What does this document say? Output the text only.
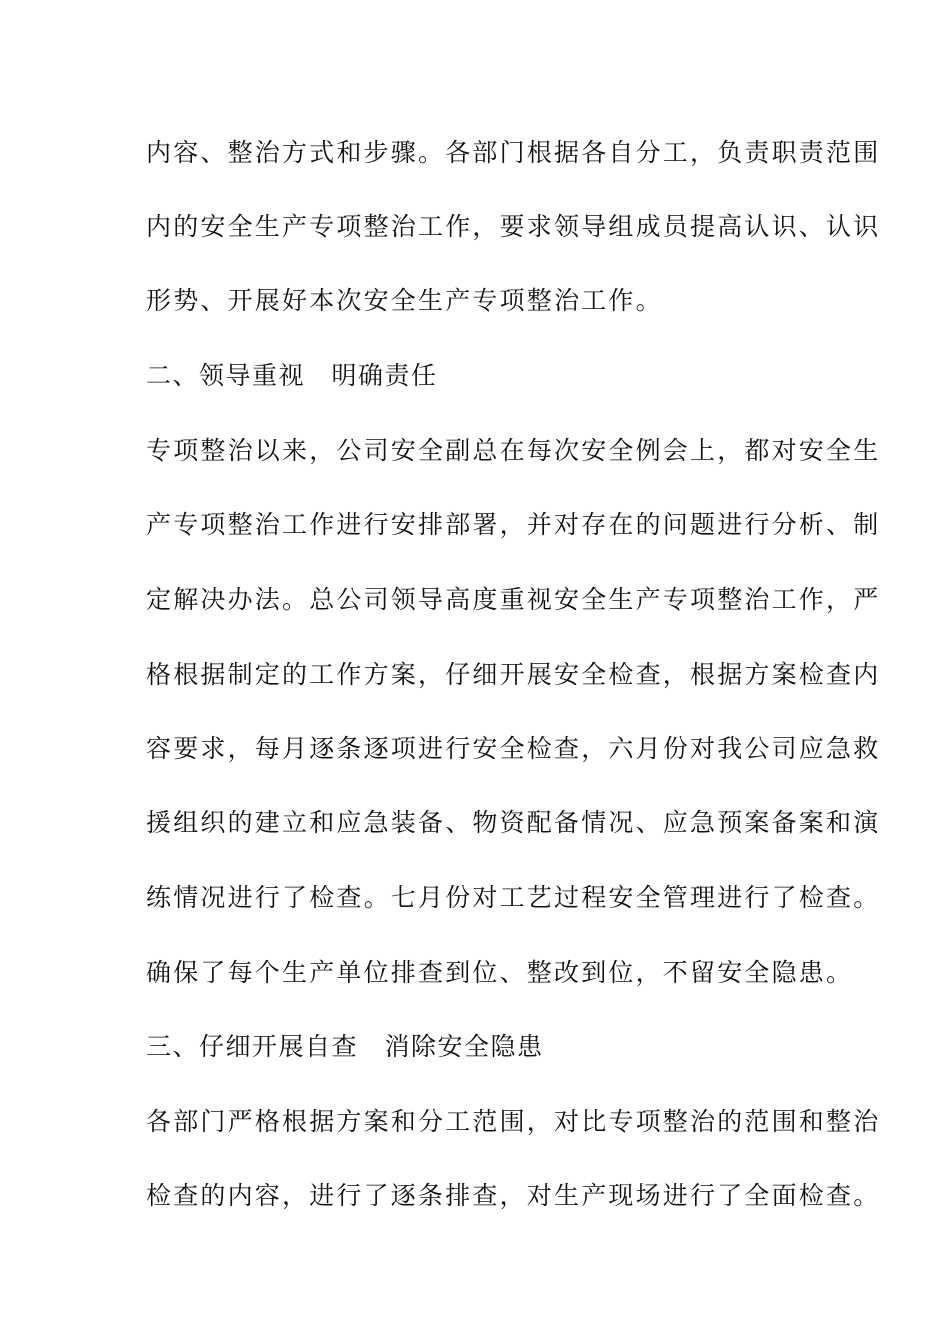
内容、整治方式和步骤。各部门根据各自分工，负责职责范围
内的安全生产专项整治工作，要求领导组成员提高认识、认识
形势、开展好本次安全生产专项整治工作。
二、领导重视　明确责任
专项整治以来，公司安全副总在每次安全例会上，都对安全生
产专项整治工作进行安排部署，并对存在的问题进行分析、制
定解决办法。总公司领导高度重视安全生产专项整治工作，严
格根据制定的工作方案，仔细开展安全检查，根据方案检查内
容要求，每月逐条逐项进行安全检查，六月份对我公司应急救
援组织的建立和应急装备、物资配备情况、应急预案备案和演
练情况进行了检查。七月份对工艺过程安全管理进行了检查。
确保了每个生产单位排查到位、整改到位，不留安全隐患。
三、仔细开展自查　消除安全隐患
各部门严格根据方案和分工范围，对比专项整治的范围和整治
检查的内容，进行了逐条排查，对生产现场进行了全面检查。
